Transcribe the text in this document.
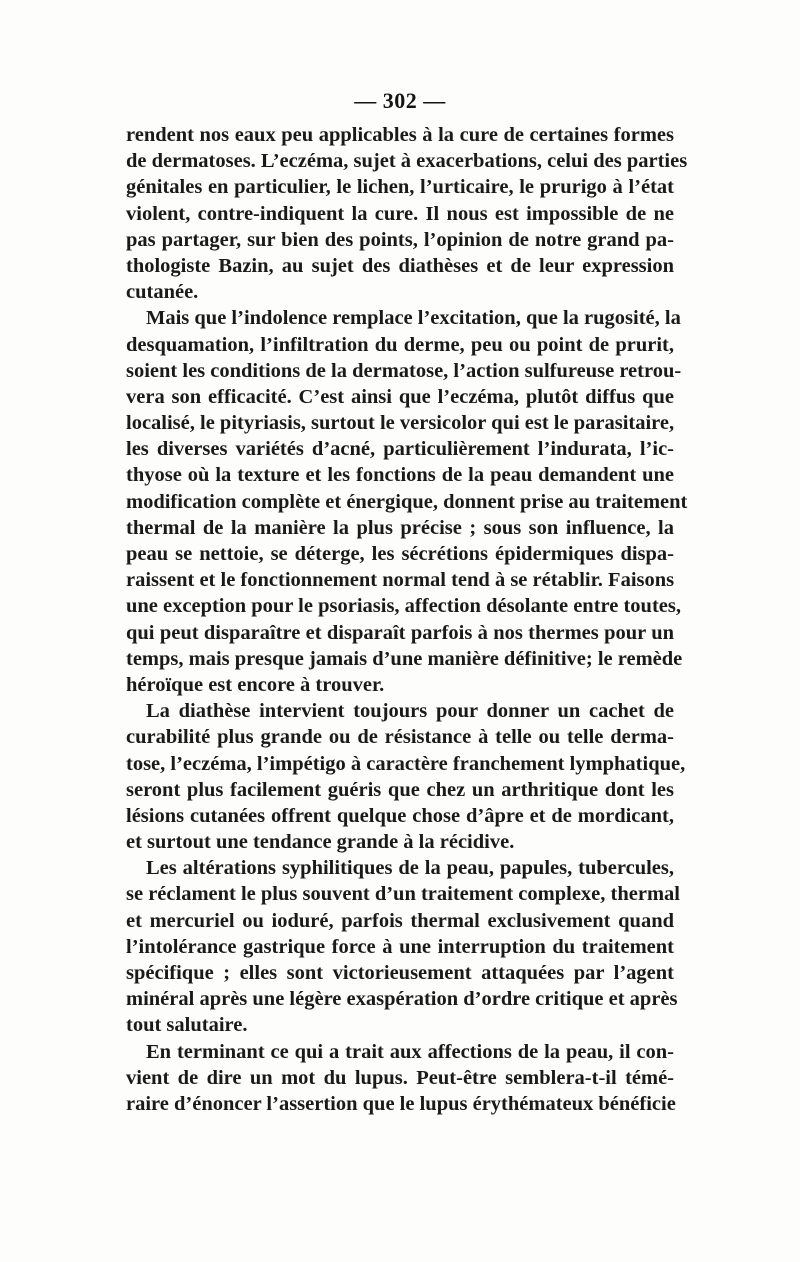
— 302 —
rendent nos eaux peu applicables à la cure de certaines formes
de dermatoses. L’eczéma, sujet à exacerbations, celui des parties
génitales en particulier, le lichen, l’urticaire, le prurigo à l’état
violent, contre-indiquent la cure. Il nous est impossible de ne
pas partager, sur bien des points, l’opinion de notre grand pa-
thologiste Bazin, au sujet des diathèses et de leur expression
cutanée.
Mais que l’indolence remplace l’excitation, que la rugosité, la
desquamation, l’infiltration du derme, peu ou point de prurit,
soient les conditions de la dermatose, l’action sulfureuse retrou-
vera son efficacité. C’est ainsi que l’eczéma, plutôt diffus que
localisé, le pityriasis, surtout le versicolor qui est le parasitaire,
les diverses variétés d’acné, particulièrement l’indurata, l’ic-
thyose où la texture et les fonctions de la peau demandent une
modification complète et énergique, donnent prise au traitement
thermal de la manière la plus précise ; sous son influence, la
peau se nettoie, se déterge, les sécrétions épidermiques dispa-
raissent et le fonctionnement normal tend à se rétablir. Faisons
une exception pour le psoriasis, affection désolante entre toutes,
qui peut disparaître et disparaît parfois à nos thermes pour un
temps, mais presque jamais d’une manière définitive; le remède
héroïque est encore à trouver.
La diathèse intervient toujours pour donner un cachet de
curabilité plus grande ou de résistance à telle ou telle derma-
tose, l’eczéma, l’impétigo à caractère franchement lymphatique,
seront plus facilement guéris que chez un arthritique dont les
lésions cutanées offrent quelque chose d’âpre et de mordicant,
et surtout une tendance grande à la récidive.
Les altérations syphilitiques de la peau, papules, tubercules,
se réclament le plus souvent d’un traitement complexe, thermal
et mercuriel ou ioduré, parfois thermal exclusivement quand
l’intolérance gastrique force à une interruption du traitement
spécifique ; elles sont victorieusement attaquées par l’agent
minéral après une légère exaspération d’ordre critique et après
tout salutaire.
En terminant ce qui a trait aux affections de la peau, il con-
vient de dire un mot du lupus. Peut-être semblera-t-il témé-
raire d’énoncer l’assertion que le lupus érythémateux bénéficie
